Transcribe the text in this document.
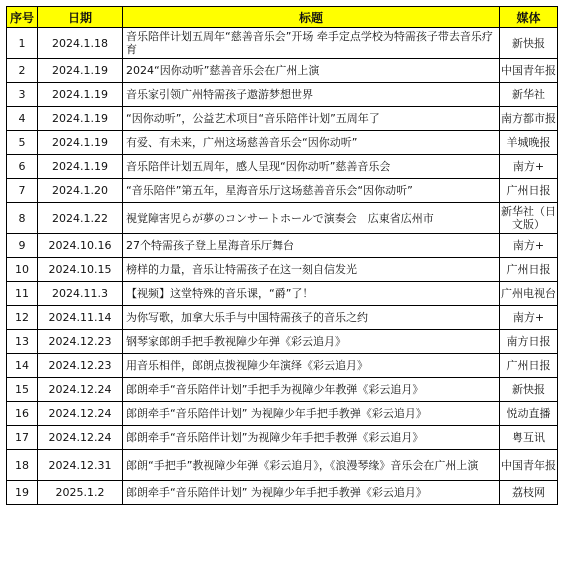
序号	日期	标题	媒体
1	2024.1.18	音乐陪伴计划五周年“慈善音乐会”开场 牵手定点学校为特需孩子带去音乐疗育	新快报
2	2024.1.19	2024“因你动听”慈善音乐会在广州上演	中国青年报
3	2024.1.19	音乐家引领广州特需孩子遨游梦想世界	新华社
4	2024.1.19	“因你动听”，公益艺术项目“音乐陪伴计划”五周年了	南方都市报
5	2024.1.19	有爱、有未来，广州这场慈善音乐会“因你动听”	羊城晚报
6	2024.1.19	音乐陪伴计划五周年，感人呈现“因你动听”慈善音乐会	南方+
7	2024.1.20	“音乐陪伴”第五年，星海音乐厅这场慈善音乐会“因你动听”	广州日报
8	2024.1.22	視覚障害児らが夢のコンサートホールで演奏会　広東省広州市	新华社（日文版）
9	2024.10.16	27个特需孩子登上星海音乐厅舞台	南方+
10	2024.10.15	榜样的力量，音乐让特需孩子在这一刻自信发光	广州日报
11	2024.11.3	【视频】这堂特殊的音乐课，“爵”了！	广州电视台
12	2024.11.14	为你写歌，加拿大乐手与中国特需孩子的音乐之约	南方+
13	2024.12.23	钢琴家郎朗手把手教视障少年弹《彩云追月》	南方日报
14	2024.12.23	用音乐相伴，郎朗点拨视障少年演绎《彩云追月》	广州日报
15	2024.12.24	郎朗牵手“音乐陪伴计划”手把手为视障少年教弹《彩云追月》	新快报
16	2024.12.24	郎朗牵手“音乐陪伴计划” 为视障少年手把手教弹《彩云追月》	悦动直播
17	2024.12.24	郎朗牵手“音乐陪伴计划”为视障少年手把手教弹《彩云追月》	粤互讯
18	2024.12.31	郎朗“手把手”教视障少年弹《彩云追月》，《浪漫琴缘》音乐会在广州上演	中国青年报
19	2025.1.2	郎朗牵手“音乐陪伴计划” 为视障少年手把手教弹《彩云追月》	荔枝网
